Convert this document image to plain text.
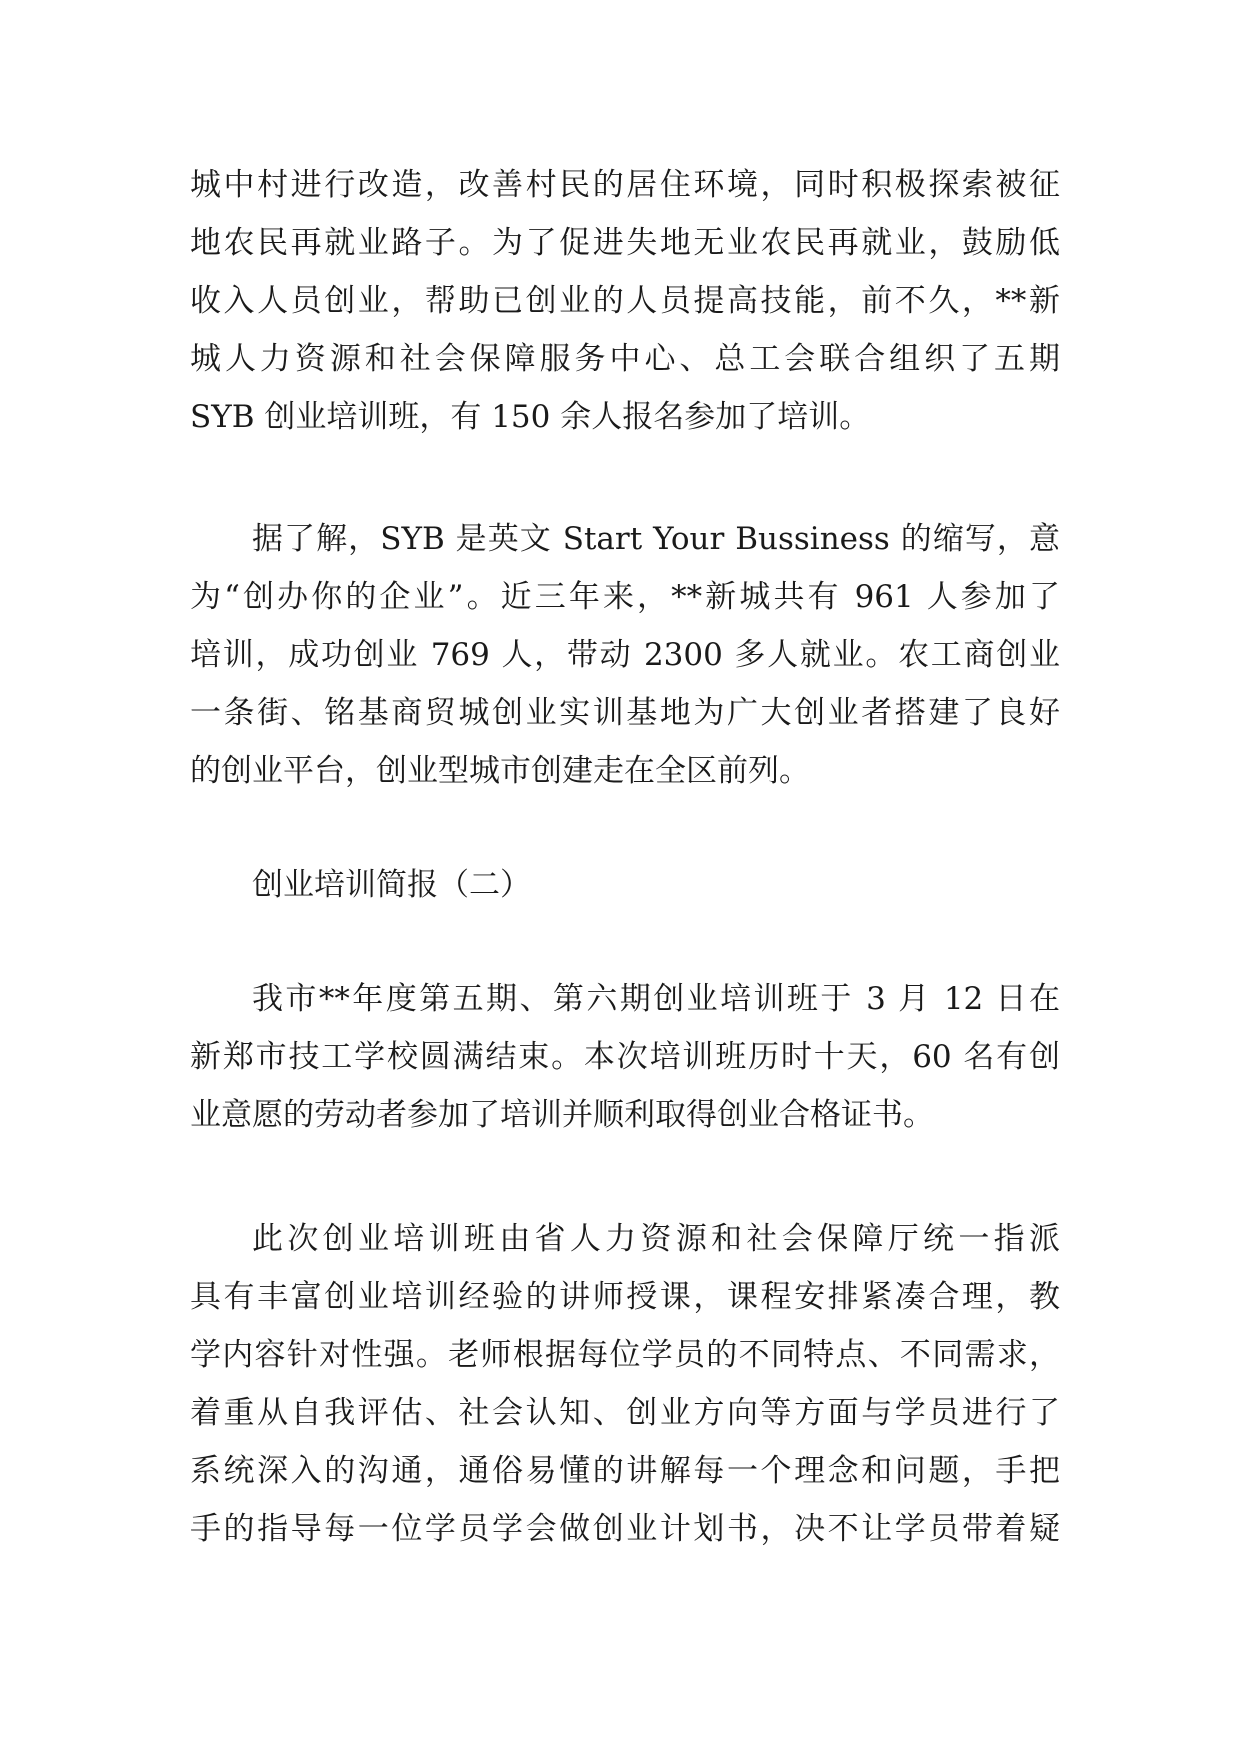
城中村进行改造，改善村民的居住环境，同时积极探索被征
地农民再就业路子。为了促进失地无业农民再就业，鼓励低
收入人员创业，帮助已创业的人员提高技能，前不久，**新
城人力资源和社会保障服务中心、总工会联合组织了五期
SYB 创业培训班，有 150 余人报名参加了培训。
据了解，SYB 是英文 Start Your Bussiness 的缩写，意
为“创办你的企业”。近三年来，**新城共有 961 人参加了
培训，成功创业 769 人，带动 2300 多人就业。农工商创业
一条街、铭基商贸城创业实训基地为广大创业者搭建了良好
的创业平台，创业型城市创建走在全区前列。
创业培训简报（二）
我市**年度第五期、第六期创业培训班于 3 月 12 日在
新郑市技工学校圆满结束。本次培训班历时十天，60 名有创
业意愿的劳动者参加了培训并顺利取得创业合格证书。
此次创业培训班由省人力资源和社会保障厅统一指派
具有丰富创业培训经验的讲师授课，课程安排紧凑合理，教
学内容针对性强。老师根据每位学员的不同特点、不同需求，
着重从自我评估、社会认知、创业方向等方面与学员进行了
系统深入的沟通，通俗易懂的讲解每一个理念和问题，手把
手的指导每一位学员学会做创业计划书，决不让学员带着疑
